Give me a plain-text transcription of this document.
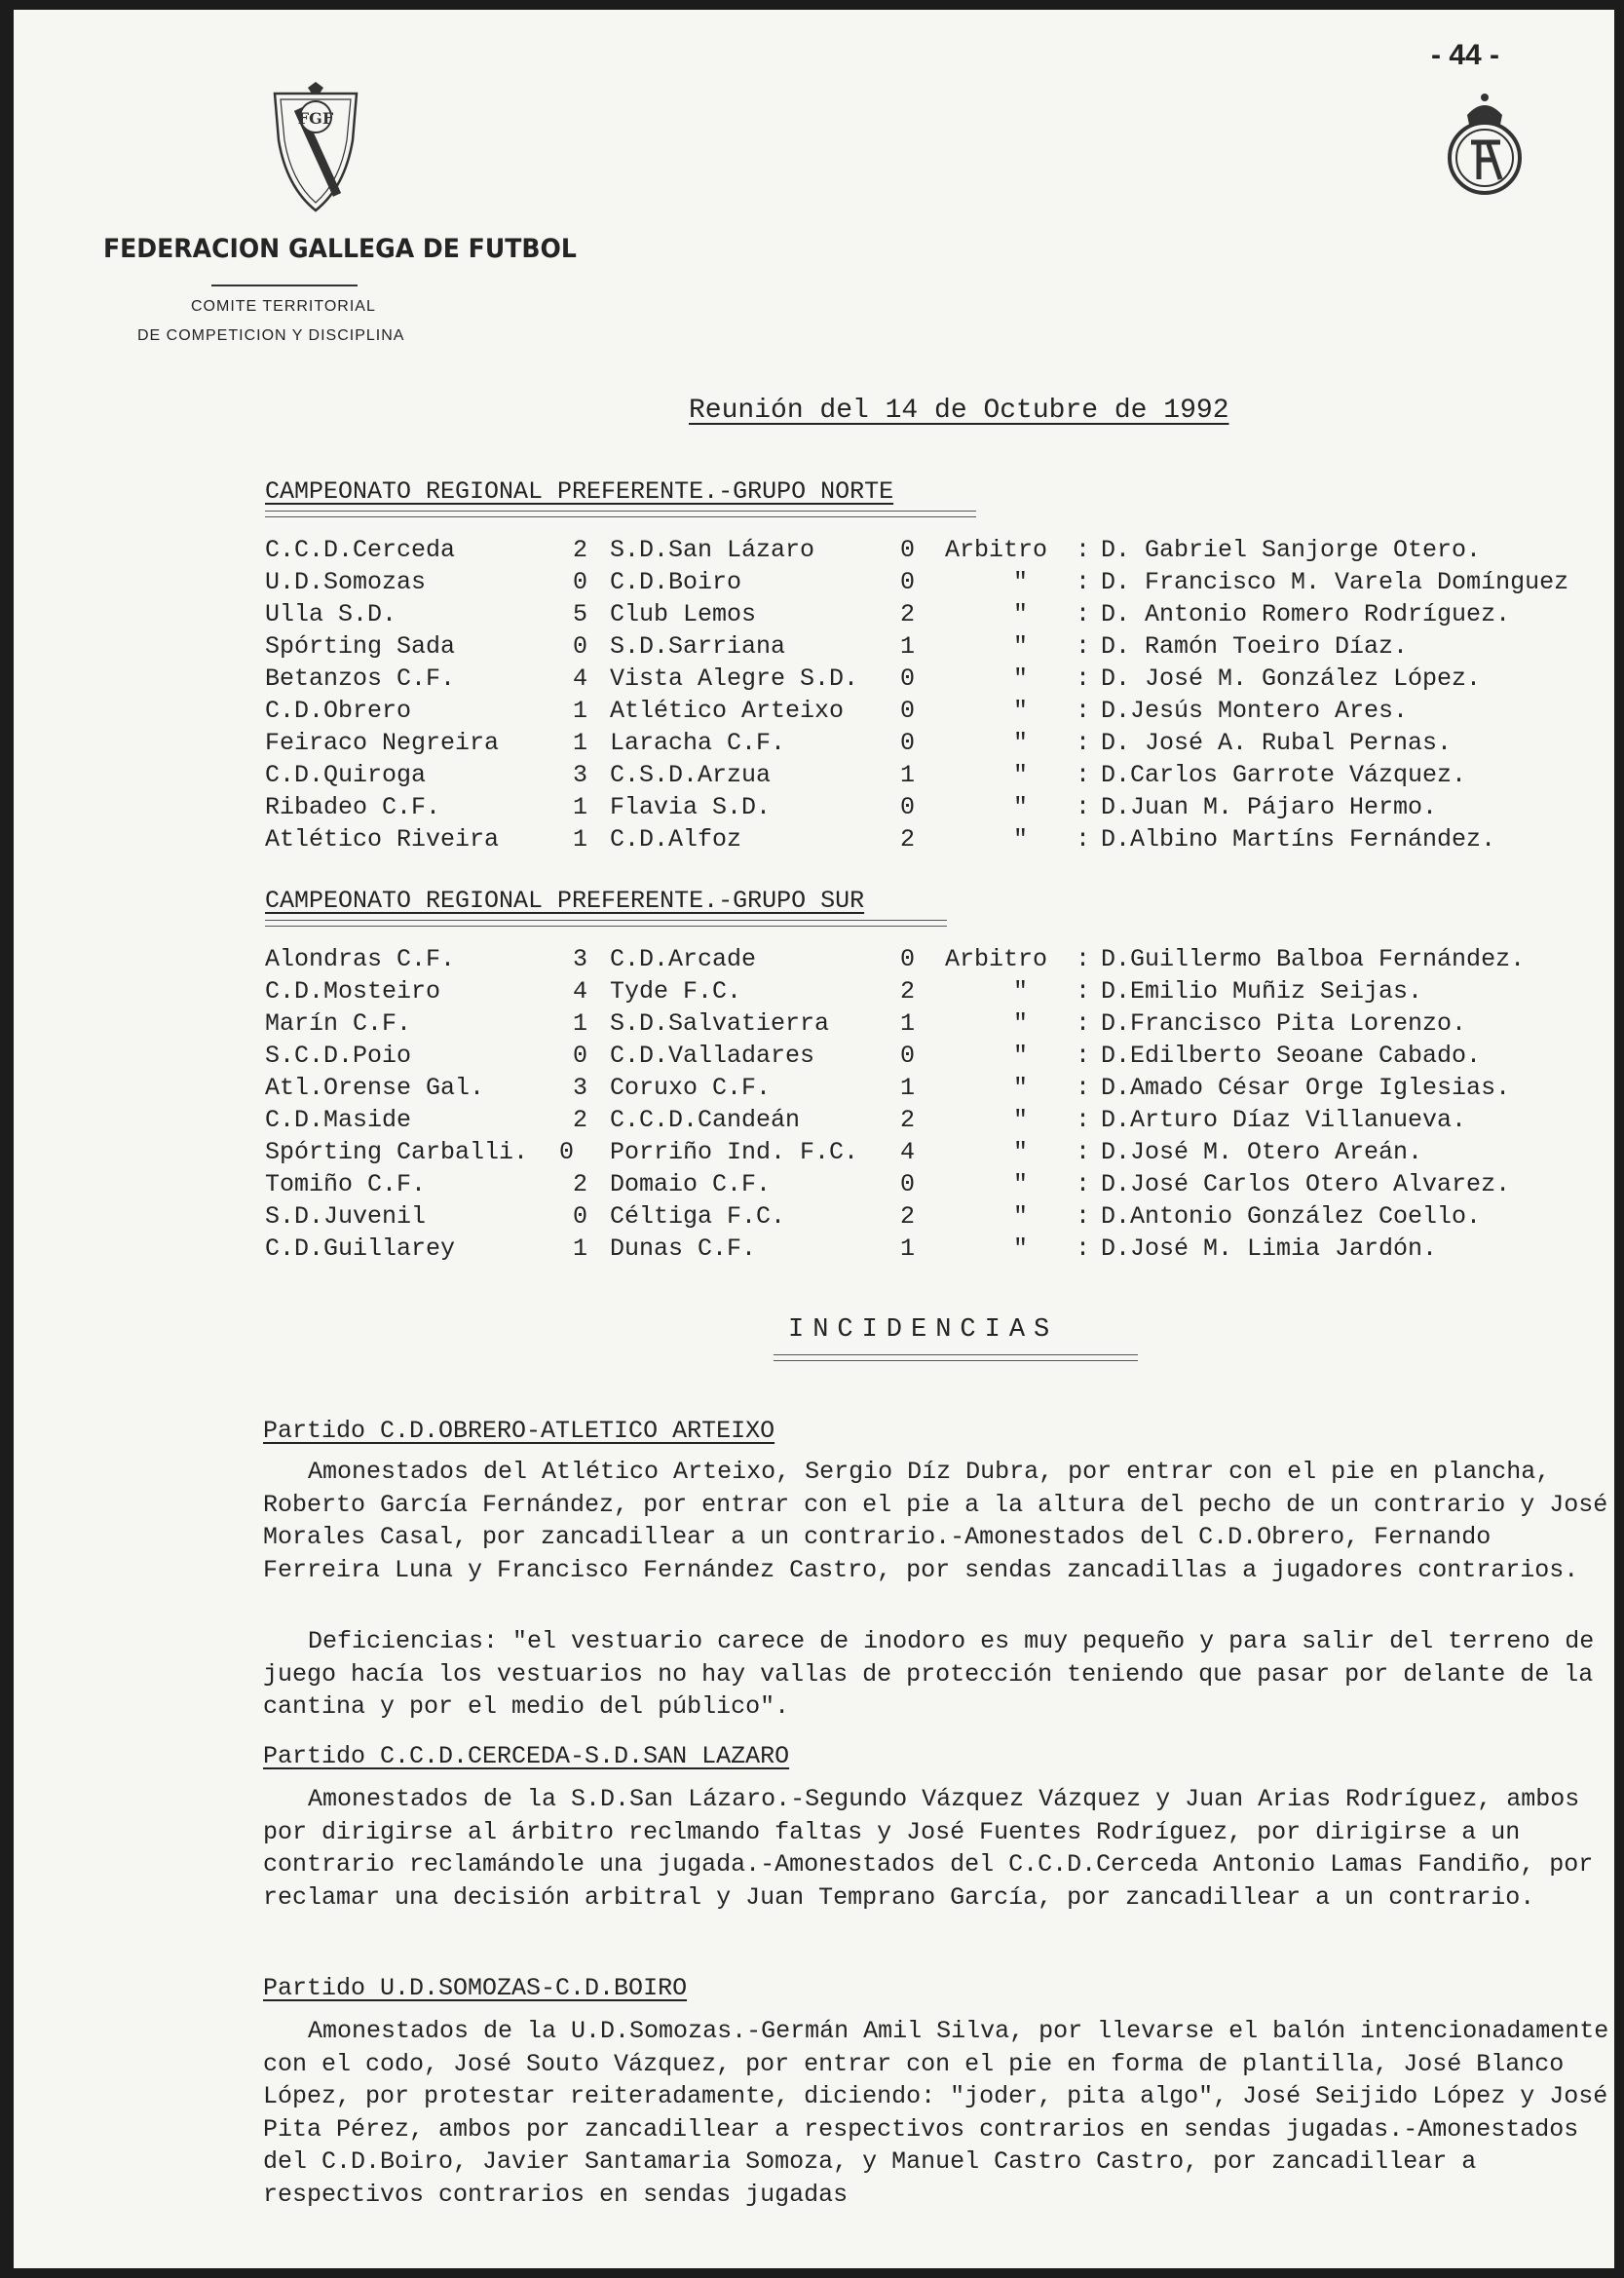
- 44 -
FGF
FEDERACION GALLEGA DE FUTBOL
COMITE TERRITORIAL
DE COMPETICION Y DISCIPLINA
Reunión del 14 de Octubre de 1992
CAMPEONATO REGIONAL PREFERENTE.-GRUPO NORTE
C.C.D.Cerceda	2 S.D.San Lázaro	0 Arbitro : D. Gabriel Sanjorge Otero.
U.D.Somozas	0 C.D.Boiro	0	" : D. Francisco M. Varela Domínguez
Ulla S.D.	5 Club Lemos	2	" : D. Antonio Romero Rodríguez.
Spórting Sada	0 S.D.Sarriana	1	" : D. Ramón Toeiro Díaz.
Betanzos C.F.	4 Vista Alegre S.D. 0	" : D. José M. González López.
C.D.Obrero	1 Atlético Arteixo 0	" : D.Jesús Montero Ares.
Feiraco Negreira	1 Laracha C.F.	0	" : D. José A. Rubal Pernas.
C.D.Quiroga	3 C.S.D.Arzua	1	" : D.Carlos Garrote Vázquez.
Ribadeo C.F.	1 Flavia S.D.	0	" : D.Juan M. Pájaro Hermo.
Atlético Riveira	1 C.D.Alfoz	2	" : D.Albino Martíns Fernández.
CAMPEONATO REGIONAL PREFERENTE.-GRUPO SUR
Alondras C.F.	3 C.D.Arcade	0 Arbitro : D.Guillermo Balboa Fernández.
C.D.Mosteiro	4 Tyde F.C.	2	" : D.Emilio Muñiz Seijas.
Marín C.F.	1 S.D.Salvatierra	1	" : D.Francisco Pita Lorenzo.
S.C.D.Poio	0 C.D.Valladares	0	" : D.Edilberto Seoane Cabado.
Atl.Orense Gal.	3 Coruxo C.F.	1	" : D.Amado César Orge Iglesias.
C.D.Maside	2 C.C.D.Candeán	2	" : D.Arturo Díaz Villanueva.
Spórting Carballi. 0 Porriño Ind. F.C. 4	" : D.José M. Otero Areán.
Tomiño C.F.	2 Domaio C.F.	0	" : D.José Carlos Otero Alvarez.
S.D.Juvenil	0 Céltiga F.C.	2	" : D.Antonio González Coello.
C.D.Guillarey	1 Dunas C.F.	1	" : D.José M. Limia Jardón.
INCIDENCIAS
Partido C.D.OBRERO-ATLETICO ARTEIXO
Amonestados del Atlético Arteixo, Sergio Díz Dubra, por entrar con el pie en plancha, Roberto García Fernández, por entrar con el pie a la altura del pecho de un contrario y José Morales Casal, por zancadillear a un contrario.-Amonestados del C.D.Obrero, Fernando Ferreira Luna y Francisco Fernández Castro, por sendas zancadillas a jugadores contrarios.
Deficiencias: "el vestuario carece de inodoro es muy pequeño y para salir del terreno de juego hacía los vestuarios no hay vallas de protección teniendo que pasar por delante de la cantina y por el medio del público".
Partido C.C.D.CERCEDA-S.D.SAN LAZARO
Amonestados de la S.D.San Lázaro.-Segundo Vázquez Vázquez y Juan Arias Rodríguez, ambos por dirigirse al árbitro reclmando faltas y José Fuentes Rodríguez, por dirigirse a un contrario reclamándole una jugada.-Amonestados del C.C.D.Cerceda Antonio Lamas Fandiño, por reclamar una decisión arbitral y Juan Temprano García, por zancadillear a un contrario.
Partido U.D.SOMOZAS-C.D.BOIRO
Amonestados de la U.D.Somozas.-Germán Amil Silva, por llevarse el balón intencionadamente con el codo, José Souto Vázquez, por entrar con el pie en forma de plantilla, José Blanco López, por protestar reiteradamente, diciendo: "joder, pita algo", José Seijido López y José Pita Pérez, ambos por zancadillear a respectivos contrarios en sendas jugadas.-Amonestados del C.D.Boiro, Javier Santamaria Somoza, y Manuel Castro Castro, por zancadillear a respectivos contrarios en sendas jugadas
